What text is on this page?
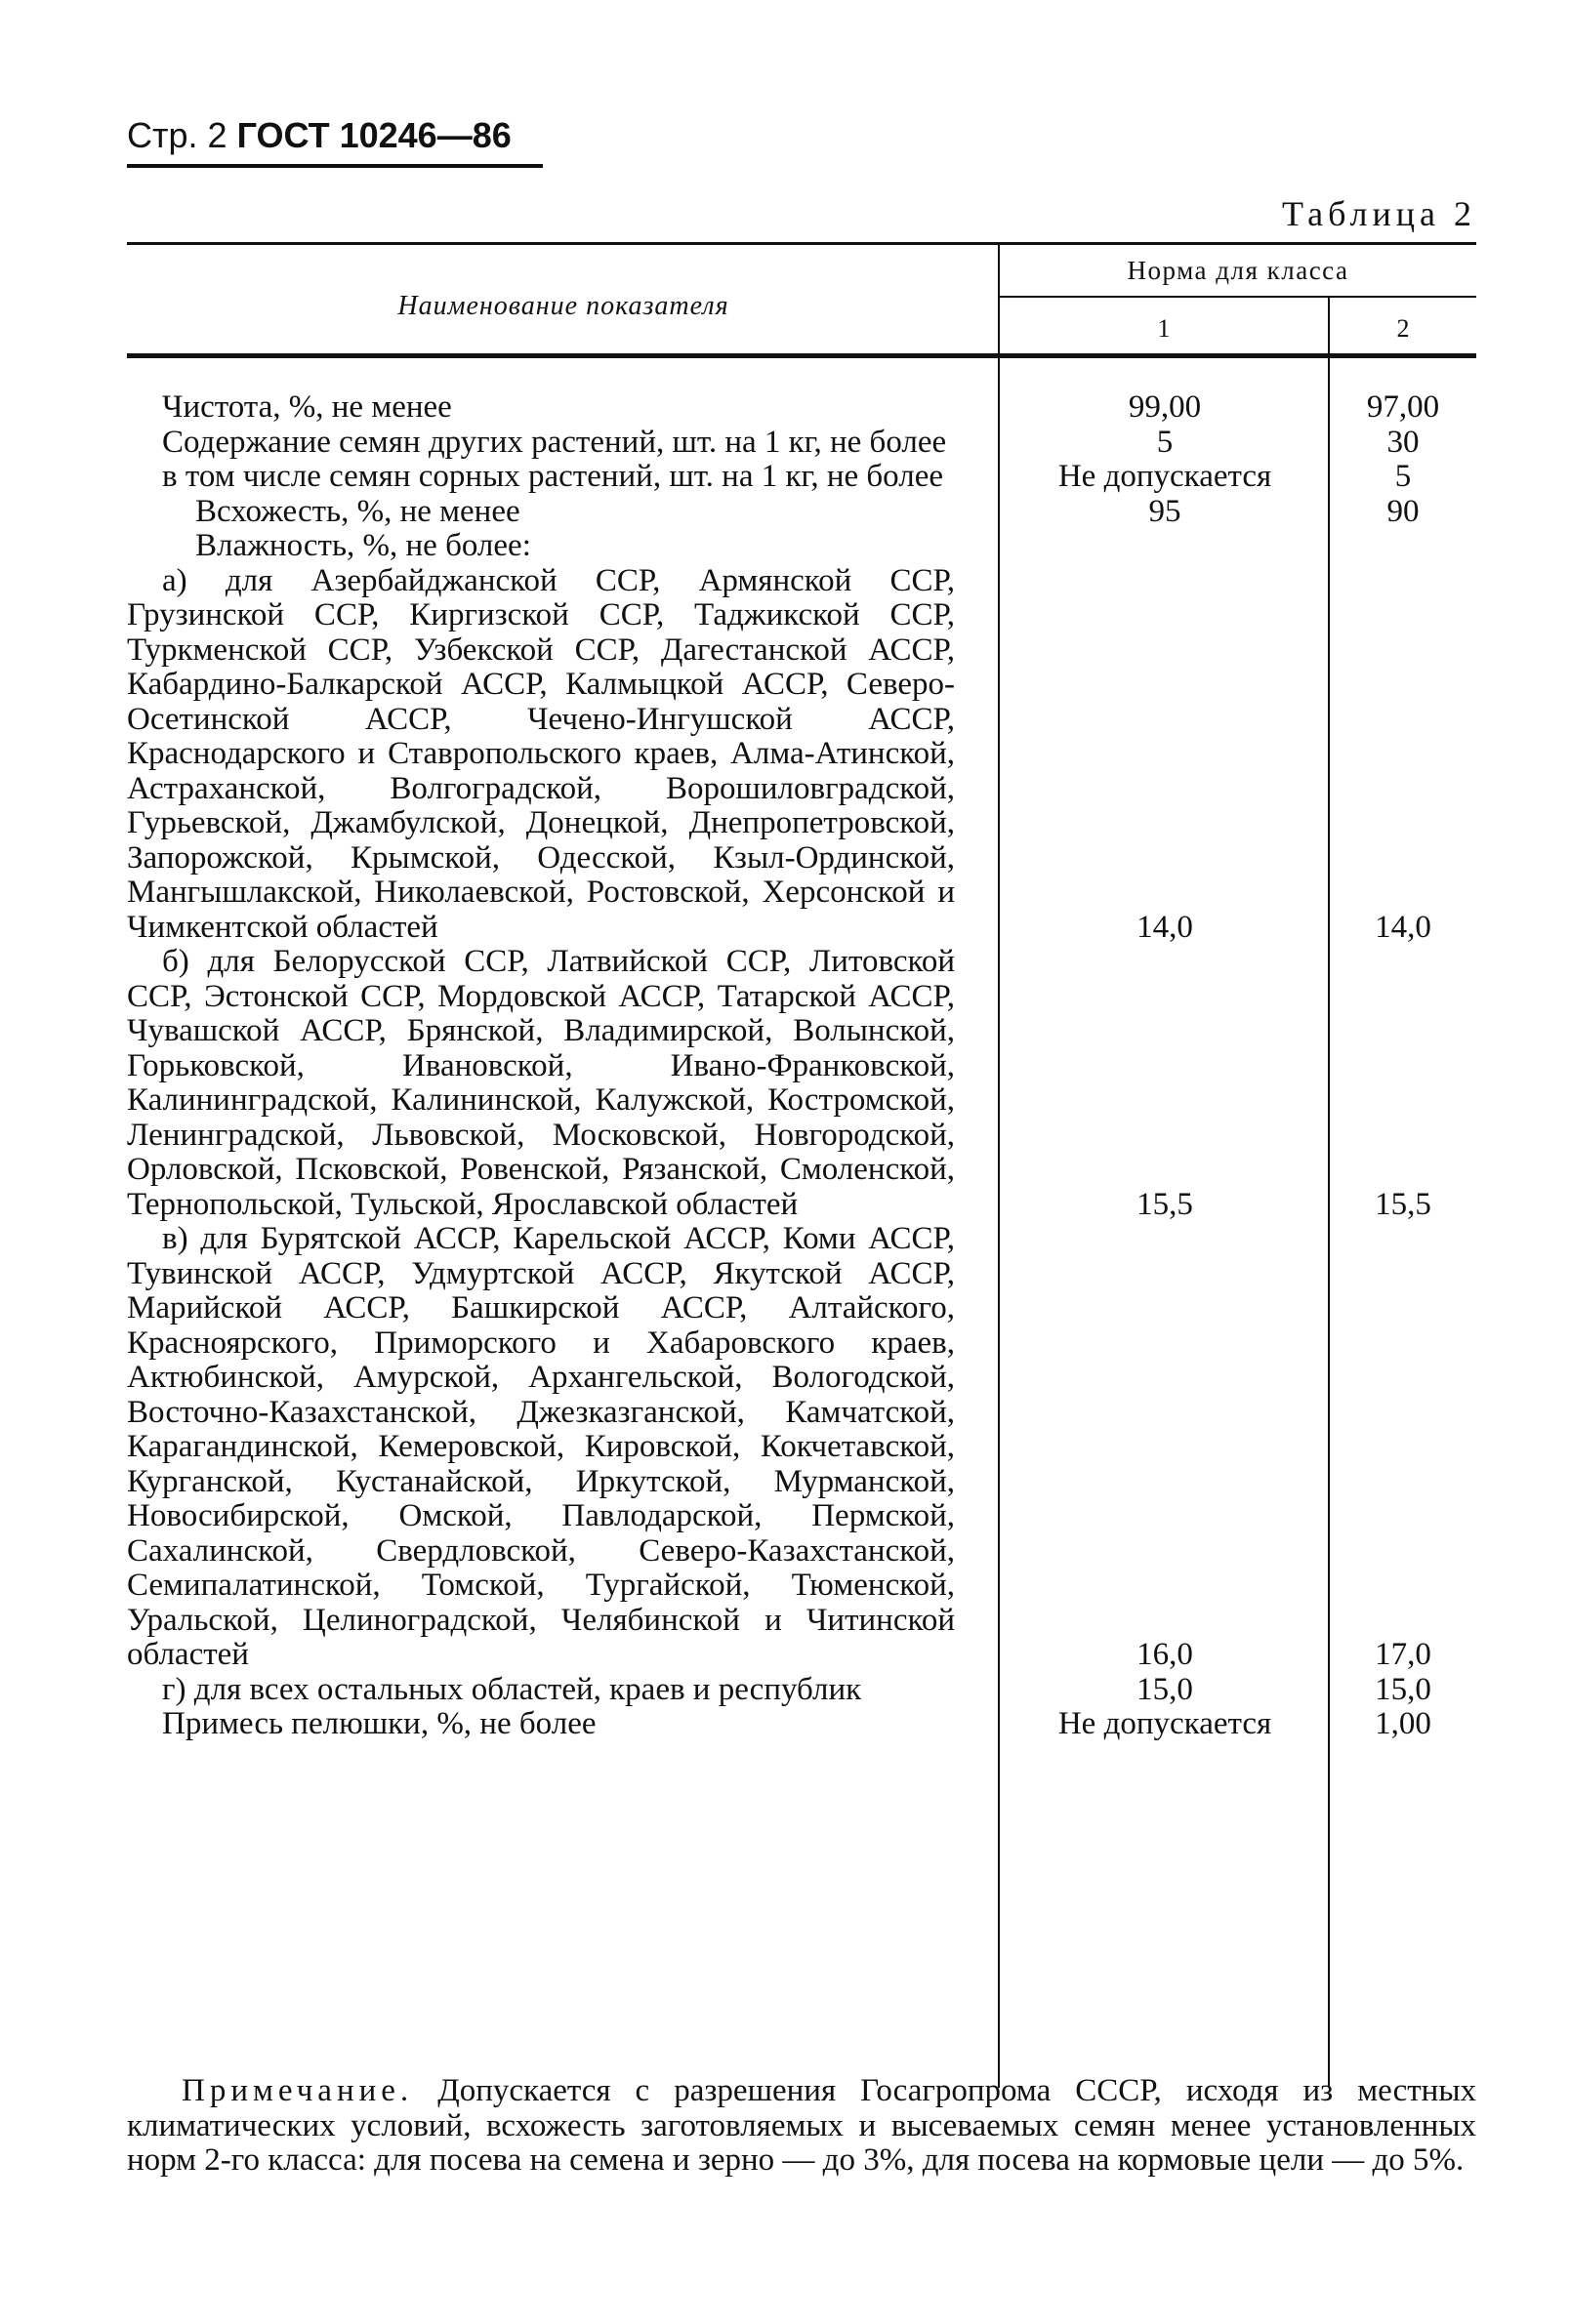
Стр. 2 ГОСТ 10246—86
Таблица 2
Наименование показателя
Норма для класса
1	2
Чистота, %, не менее	99,00	97,00
Содержание семян других растений, шт. на 1 кг, не более	5	30
в том числе семян сорных растений, шт. на 1 кг, не более	Не допускается	5
Всхожесть, %, не менее	95	90
Влажность, %, не более:
а) для Азербайджанской ССР, Армянской ССР, Грузинской ССР, Киргизской ССР, Таджикской ССР, Туркменской ССР, Узбекской ССР, Дагестанской АССР, Кабардино-Балкарской АССР, Калмыцкой АССР, Северо-Осетинской АССР, Чечено-Ингушской АССР, Краснодарского и Ставропольского краев, Алма-Атинской, Астраханской, Волгоградской, Ворошиловградской, Гурьевской, Джамбулской, Донецкой, Днепропетровской, Запорожской, Крымской, Одесской, Кзыл-Ординской, Мангышлакской, Николаевской, Ростовской, Херсонской и Чимкентской областей	14,0	14,0
б) для Белорусской ССР, Латвийской ССР, Литовской ССР, Эстонской ССР, Мордовской АССР, Татарской АССР, Чувашской АССР, Брянской, Владимирской, Волынской, Горьковской, Ивановской, Ивано-Франковской, Калининградской, Калининской, Калужской, Костромской, Ленинградской, Львовской, Московской, Новгородской, Орловской, Псковской, Ровенской, Рязанской, Смоленской, Тернопольской, Тульской, Ярославской областей	15,5	15,5
в) для Бурятской АССР, Карельской АССР, Коми АССР, Тувинской АССР, Удмуртской АССР, Якутской АССР, Марийской АССР, Башкирской АССР, Алтайского, Красноярского, Приморского и Хабаровского краев, Актюбинской, Амурской, Архангельской, Вологодской, Восточно-Казахстанской, Джезказганской, Камчатской, Карагандинской, Кемеровской, Кировской, Кокчетавской, Курганской, Кустанайской, Иркутской, Мурманской, Новосибирской, Омской, Павлодарской, Пермской, Сахалинской, Свердловской, Северо-Казахстанской, Семипалатинской, Томской, Тургайской, Тюменской, Уральской, Целиноградской, Челябинской и Читинской областей	16,0	17,0
г) для всех остальных областей, краев и республик	15,0	15,0
Примесь пелюшки, %, не более	Не допускается	1,00

Примечание. Допускается с разрешения Госагропрома СССР, исходя из местных климатических условий, всхожесть заготовляемых и высеваемых семян менее установленных норм 2-го класса: для посева на семена и зерно — до 3%, для посева на кормовые цели — до 5%.
